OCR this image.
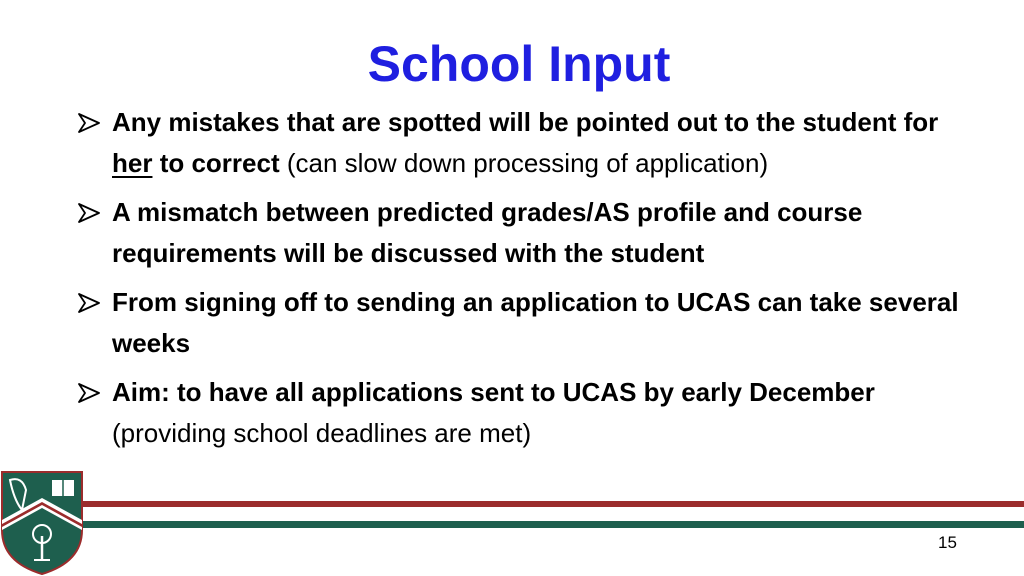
School Input
Any mistakes that are spotted will be pointed out to the student for her to correct (can slow down processing of application)
A mismatch between predicted grades/AS profile and course requirements will be discussed with the student
From signing off to sending an application to UCAS can take several weeks
Aim: to have all applications sent to UCAS by early December (providing school deadlines are met)
15
